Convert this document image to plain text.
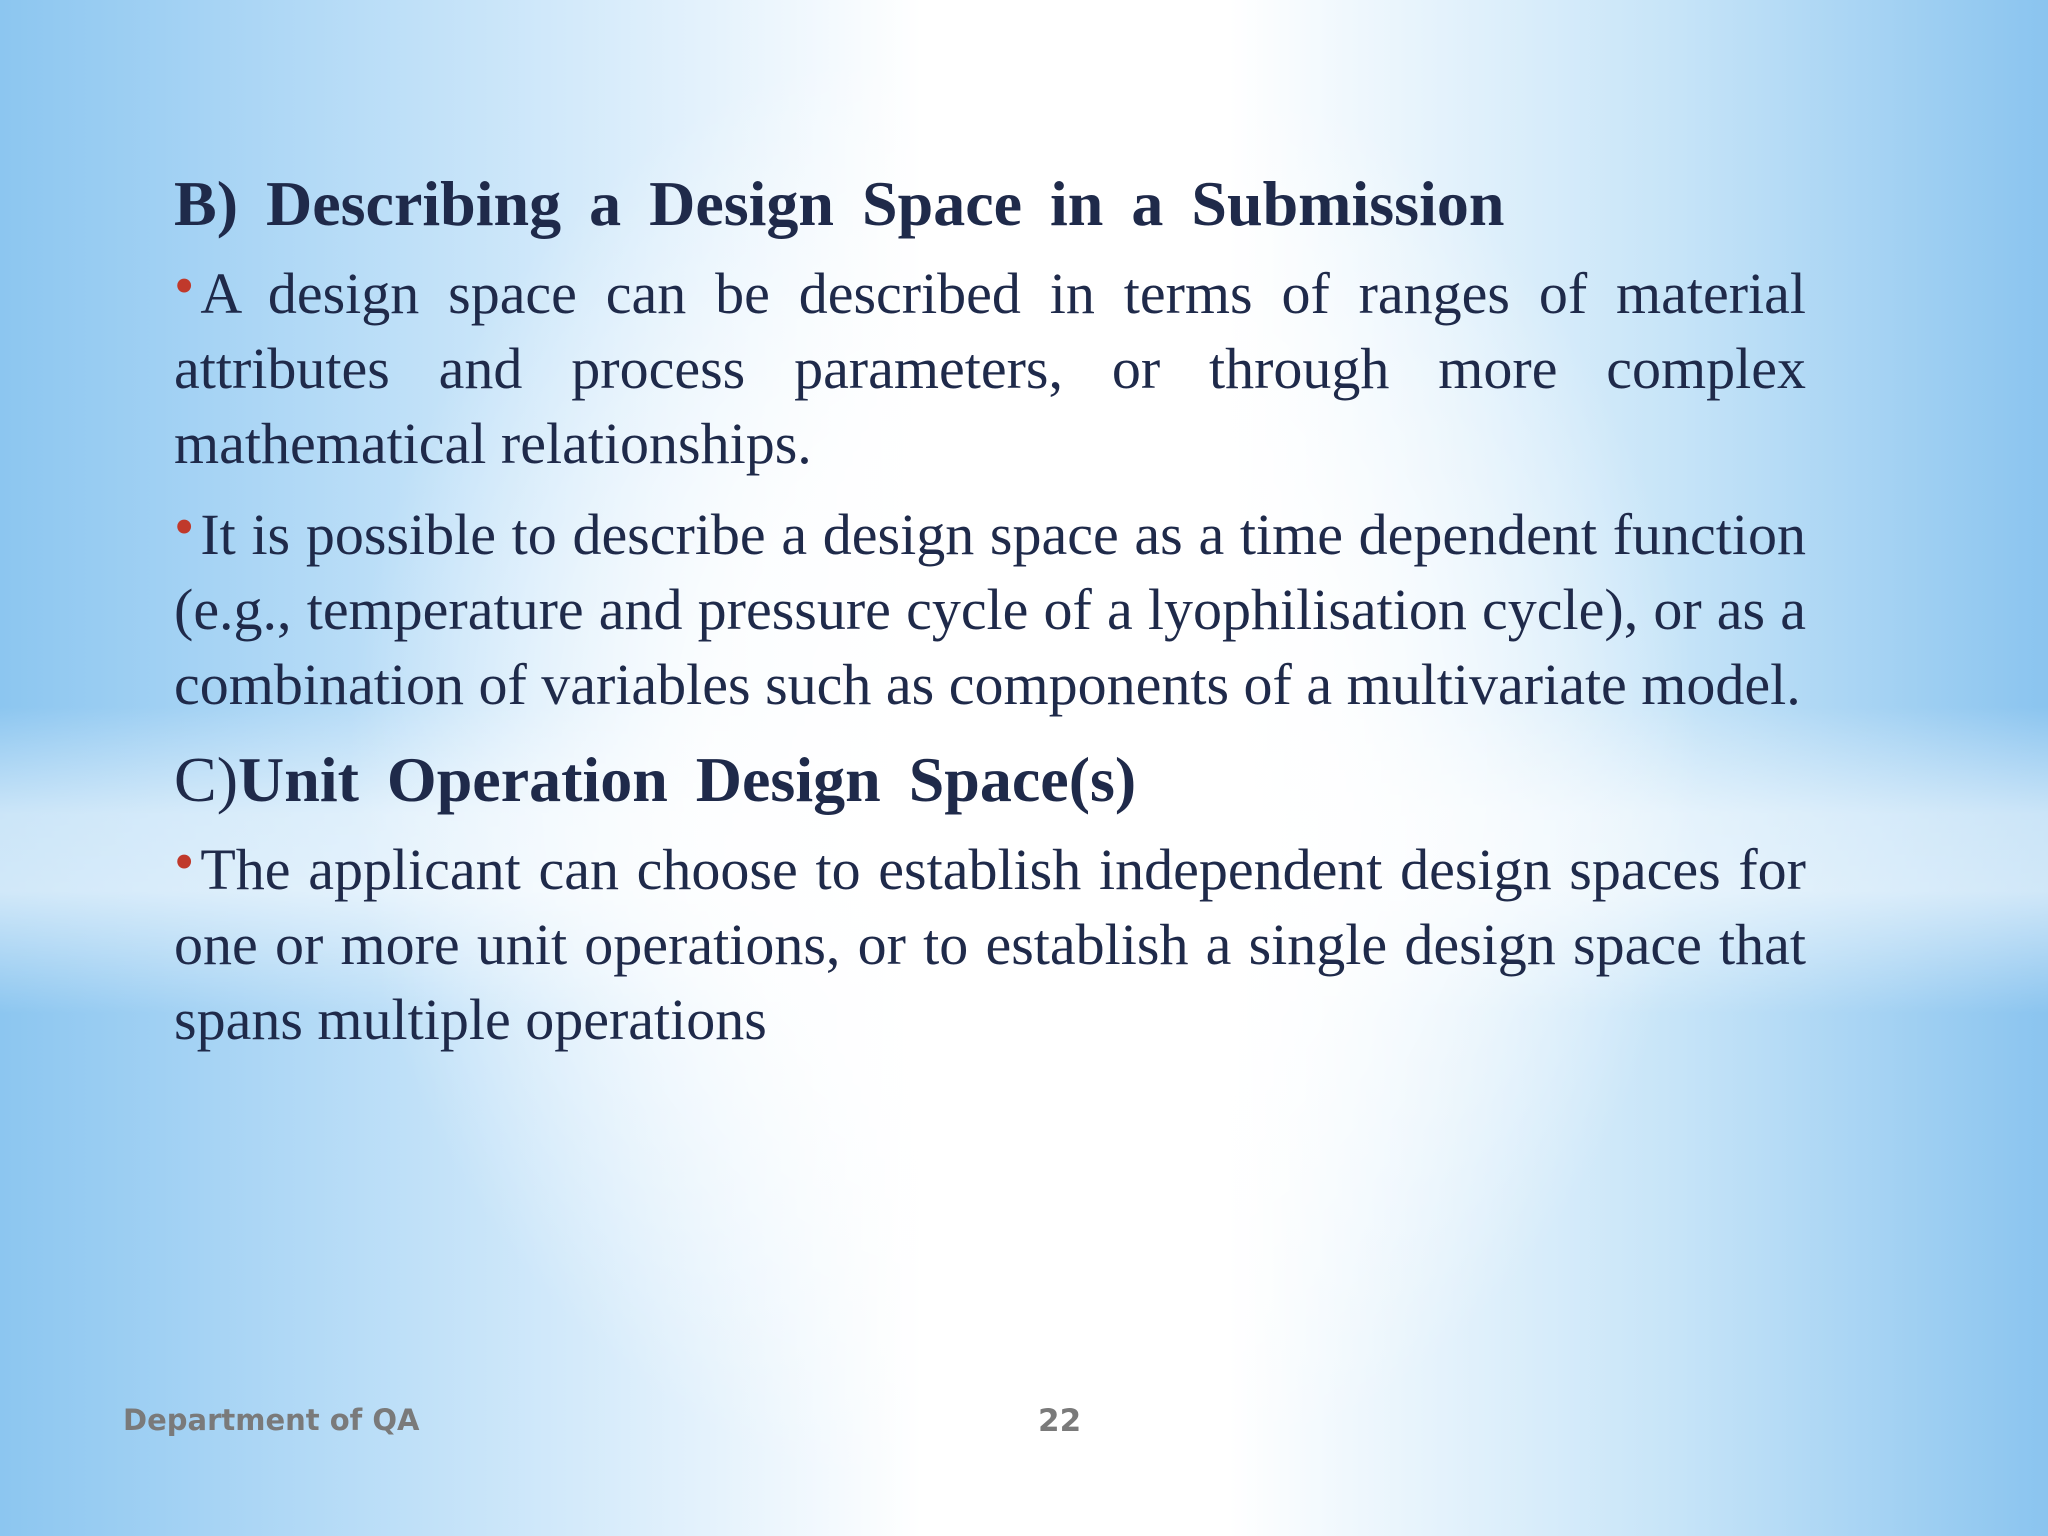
B) Describing a Design Space in a Submission
• A design space can be described in terms of ranges of material attributes and process parameters, or through more complex mathematical relationships.
• It is possible to describe a design space as a time dependent function (e.g., temperature and pressure cycle of a lyophilisation cycle), or as a combination of variables such as components of a multivariate model.
C)Unit Operation Design Space(s)
• The applicant can choose to establish independent design spaces for one or more unit operations, or to establish a single design space that spans multiple operations
Department of QA	22
